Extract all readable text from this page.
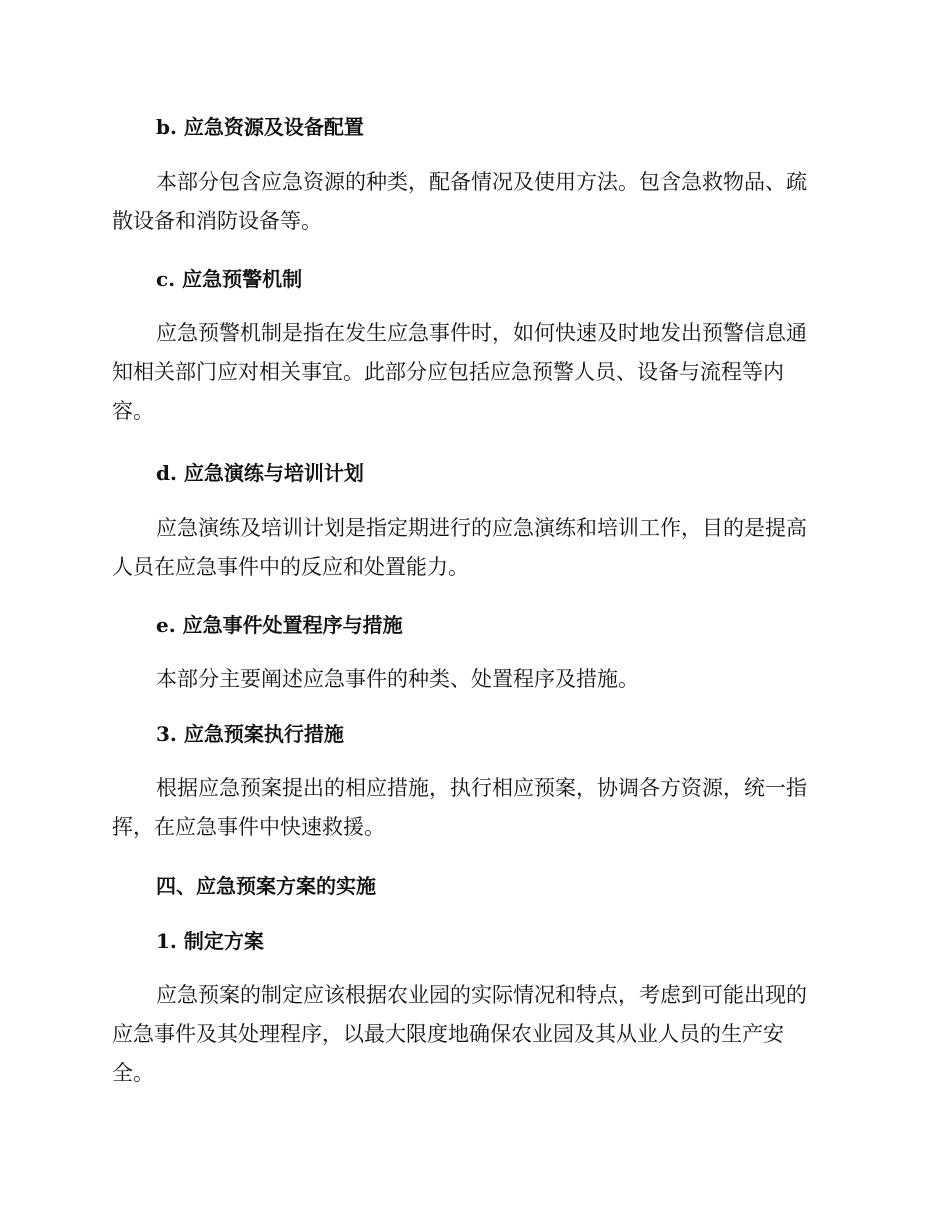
b. 应急资源及设备配置

本部分包含应急资源的种类，配备情况及使用方法。包含急救物品、疏
散设备和消防设备等。

c. 应急预警机制

应急预警机制是指在发生应急事件时，如何快速及时地发出预警信息通
知相关部门应对相关事宜。此部分应包括应急预警人员、设备与流程等内
容。

d. 应急演练与培训计划

应急演练及培训计划是指定期进行的应急演练和培训工作，目的是提高
人员在应急事件中的反应和处置能力。

e. 应急事件处置程序与措施

本部分主要阐述应急事件的种类、处置程序及措施。

3. 应急预案执行措施

根据应急预案提出的相应措施，执行相应预案，协调各方资源，统一指
挥，在应急事件中快速救援。

四、应急预案方案的实施
1. 制定方案

应急预案的制定应该根据农业园的实际情况和特点，考虑到可能出现的
应急事件及其处理程序，以最大限度地确保农业园及其从业人员的生产安
全。
